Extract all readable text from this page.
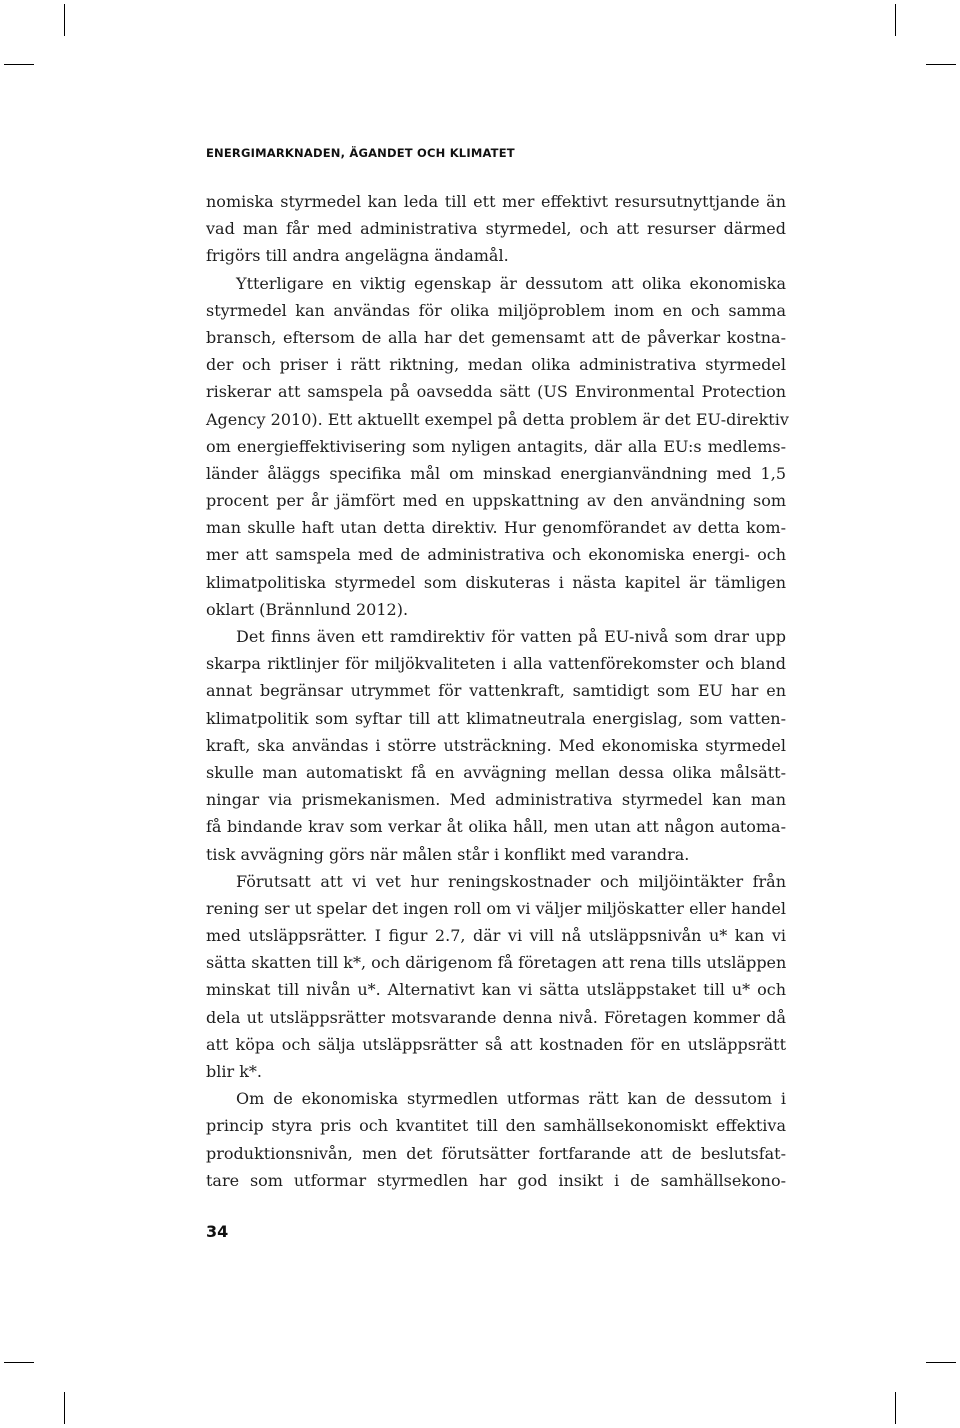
ENERGIMARKNADEN, ÄGANDET OCH KLIMATET
nomiska styrmedel kan leda till ett mer effektivt resursutnyttjande än
vad man får med administrativa styrmedel, och att resurser därmed
frigörs till andra angelägna ändamål.
Ytterligare en viktig egenskap är dessutom att olika ekonomiska
styrmedel kan användas för olika miljöproblem inom en och samma
bransch, eftersom de alla har det gemensamt att de påverkar kostna-
der och priser i rätt riktning, medan olika administrativa styrmedel
riskerar att samspela på oavsedda sätt (US Environmental Protection
Agency 2010). Ett aktuellt exempel på detta problem är det EU-direktiv
om energieffektivisering som nyligen antagits, där alla EU:s medlems-
länder åläggs specifika mål om minskad energianvändning med 1,5
procent per år jämfört med en uppskattning av den användning som
man skulle haft utan detta direktiv. Hur genomförandet av detta kom-
mer att samspela med de administrativa och ekonomiska energi- och
klimatpolitiska styrmedel som diskuteras i nästa kapitel är tämligen
oklart (Brännlund 2012).
Det finns även ett ramdirektiv för vatten på EU-nivå som drar upp
skarpa riktlinjer för miljökvaliteten i alla vattenförekomster och bland
annat begränsar utrymmet för vattenkraft, samtidigt som EU har en
klimatpolitik som syftar till att klimatneutrala energislag, som vatten-
kraft, ska användas i större utsträckning. Med ekonomiska styrmedel
skulle man automatiskt få en avvägning mellan dessa olika målsätt-
ningar via prismekanismen. Med administrativa styrmedel kan man
få bindande krav som verkar åt olika håll, men utan att någon automa-
tisk avvägning görs när målen står i konflikt med varandra.
Förutsatt att vi vet hur reningskostnader och miljöintäkter från
rening ser ut spelar det ingen roll om vi väljer miljöskatter eller handel
med utsläppsrätter. I figur 2.7, där vi vill nå utsläppsnivån u* kan vi
sätta skatten till k*, och därigenom få företagen att rena tills utsläppen
minskat till nivån u*. Alternativt kan vi sätta utsläppstaket till u* och
dela ut utsläppsrätter motsvarande denna nivå. Företagen kommer då
att köpa och sälja utsläppsrätter så att kostnaden för en utsläppsrätt
blir k*.
Om de ekonomiska styrmedlen utformas rätt kan de dessutom i
princip styra pris och kvantitet till den samhällsekonomiskt effektiva
produktionsnivån, men det förutsätter fortfarande att de beslutsfat-
tare som utformar styrmedlen har god insikt i de samhällsekono-
34
